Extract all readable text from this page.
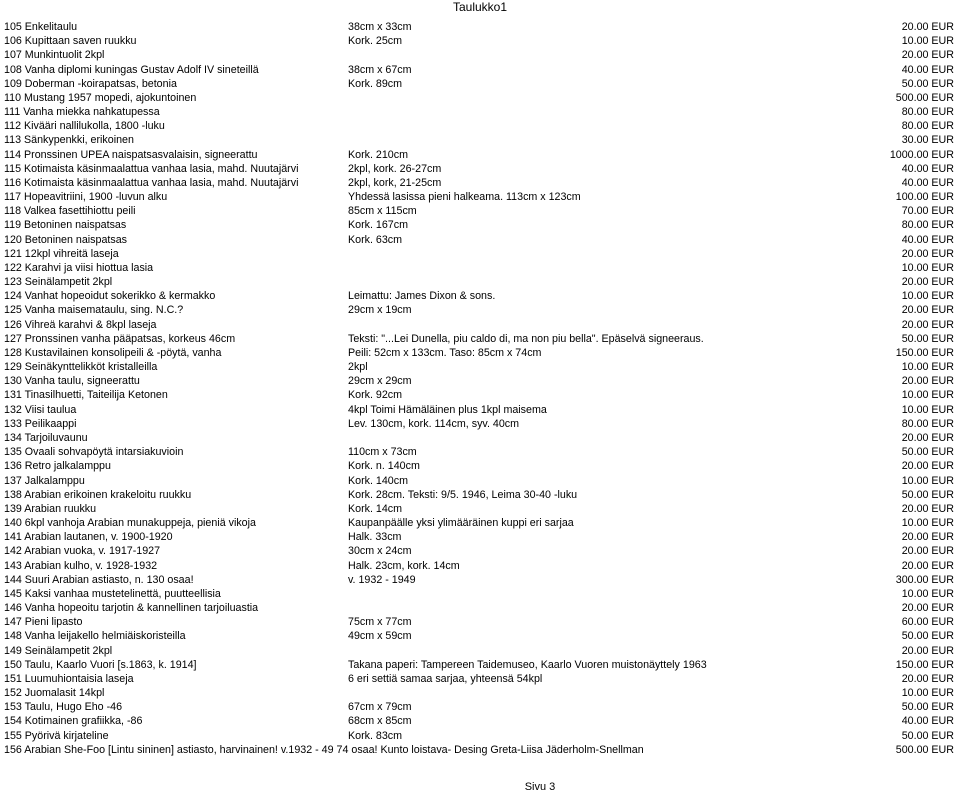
Taulukko1
105 Enkelitaulu	38cm x 33cm	20.00 EUR
106 Kupittaan saven ruukku	Kork. 25cm	10.00 EUR
107 Munkintuolit 2kpl	20.00 EUR
108 Vanha diplomi kuningas Gustav Adolf IV sineteillä	38cm x 67cm	40.00 EUR
109 Doberman -koirapatsas, betonia	Kork. 89cm	50.00 EUR
110 Mustang 1957 mopedi, ajokuntoinen	500.00 EUR
111 Vanha miekka nahkatupessa	80.00 EUR
112 Kivääri nallilukolla, 1800 -luku	80.00 EUR
113 Sänkypenkki, erikoinen	30.00 EUR
114 Pronssinen UPEA naispatsasvalaisin, signeerattu	Kork. 210cm	1000.00 EUR
115 Kotimaista käsinmaalattua vanhaa lasia, mahd. Nuutajärvi	2kpl, kork. 26-27cm	40.00 EUR
116 Kotimaista käsinmaalattua vanhaa lasia, mahd. Nuutajärvi	2kpl, kork, 21-25cm	40.00 EUR
117 Hopeavitriini, 1900 -luvun alku	Yhdessä lasissa pieni halkeama. 113cm x 123cm	100.00 EUR
118 Valkea fasettihiottu peili	85cm x 115cm	70.00 EUR
119 Betoninen naispatsas	Kork. 167cm	80.00 EUR
120 Betoninen naispatsas	Kork. 63cm	40.00 EUR
121 12kpl vihreitä laseja	20.00 EUR
122 Karahvi ja viisi hiottua lasia	10.00 EUR
123 Seinälampetit 2kpl	20.00 EUR
124 Vanhat hopeoidut sokerikko & kermakko	Leimattu: James Dixon & sons.	10.00 EUR
125 Vanha maisemataulu, sing. N.C.?	29cm x 19cm	20.00 EUR
126 Vihreä karahvi & 8kpl laseja	20.00 EUR
127 Pronssinen vanha pääpatsas, korkeus 46cm	Teksti: "...Lei Dunella, piu caldo di, ma non piu bella". Epäselvä signeeraus.	50.00 EUR
128 Kustavilainen konsolipeili & -pöytä, vanha	Peili: 52cm x 133cm. Taso: 85cm x 74cm	150.00 EUR
129 Seinäkynttelikköt kristalleilla	2kpl	10.00 EUR
130 Vanha taulu, signeerattu	29cm x 29cm	20.00 EUR
131 Tinasilhuetti, Taiteilija Ketonen	Kork. 92cm	10.00 EUR
132 Viisi taulua	4kpl Toimi Hämäläinen plus 1kpl maisema	10.00 EUR
133 Peilikaappi	Lev. 130cm, kork. 114cm, syv. 40cm	80.00 EUR
134 Tarjoiluvaunu	20.00 EUR
135 Ovaali sohvapöytä intarsiakuvioin	110cm x 73cm	50.00 EUR
136 Retro jalkalamppu	Kork. n. 140cm	20.00 EUR
137 Jalkalamppu	Kork. 140cm	10.00 EUR
138 Arabian erikoinen krakeloitu ruukku	Kork. 28cm. Teksti: 9/5. 1946, Leima 30-40 -luku	50.00 EUR
139 Arabian ruukku	Kork. 14cm	20.00 EUR
140 6kpl vanhoja Arabian munakuppeja, pieniä vikoja	Kaupanpäälle yksi ylimääräinen kuppi eri sarjaa	10.00 EUR
141 Arabian lautanen, v. 1900-1920	Halk. 33cm	20.00 EUR
142 Arabian vuoka, v. 1917-1927	30cm x 24cm	20.00 EUR
143 Arabian kulho, v. 1928-1932	Halk. 23cm, kork. 14cm	20.00 EUR
144 Suuri Arabian astiasto, n. 130 osaa!	v. 1932 - 1949	300.00 EUR
145 Kaksi vanhaa mustetelinettä, puutteellisia	10.00 EUR
146 Vanha hopeoitu tarjotin & kannellinen tarjoiluastia	20.00 EUR
147 Pieni lipasto	75cm x 77cm	60.00 EUR
148 Vanha leijakello helmiäiskoristeilla	49cm x 59cm	50.00 EUR
149 Seinälampetit 2kpl	20.00 EUR
150 Taulu, Kaarlo Vuori [s.1863, k. 1914]	Takana paperi: Tampereen Taidemuseo, Kaarlo Vuoren muistonäyttely 1963	150.00 EUR
151 Luumuhiontaisia laseja	6 eri settiä samaa sarjaa, yhteensä 54kpl	20.00 EUR
152 Juomalasit 14kpl	10.00 EUR
153 Taulu, Hugo Eho -46	67cm x 79cm	50.00 EUR
154 Kotimainen grafiikka, -86	68cm x 85cm	40.00 EUR
155 Pyörivä kirjateline	Kork. 83cm	50.00 EUR
156 Arabian She-Foo [Lintu sininen] astiasto, harvinainen! v.1932 - 49 74 osaa! Kunto loistava- Desing Greta-Liisa Jäderholm-Snellman	500.00 EUR
Sivu 3
